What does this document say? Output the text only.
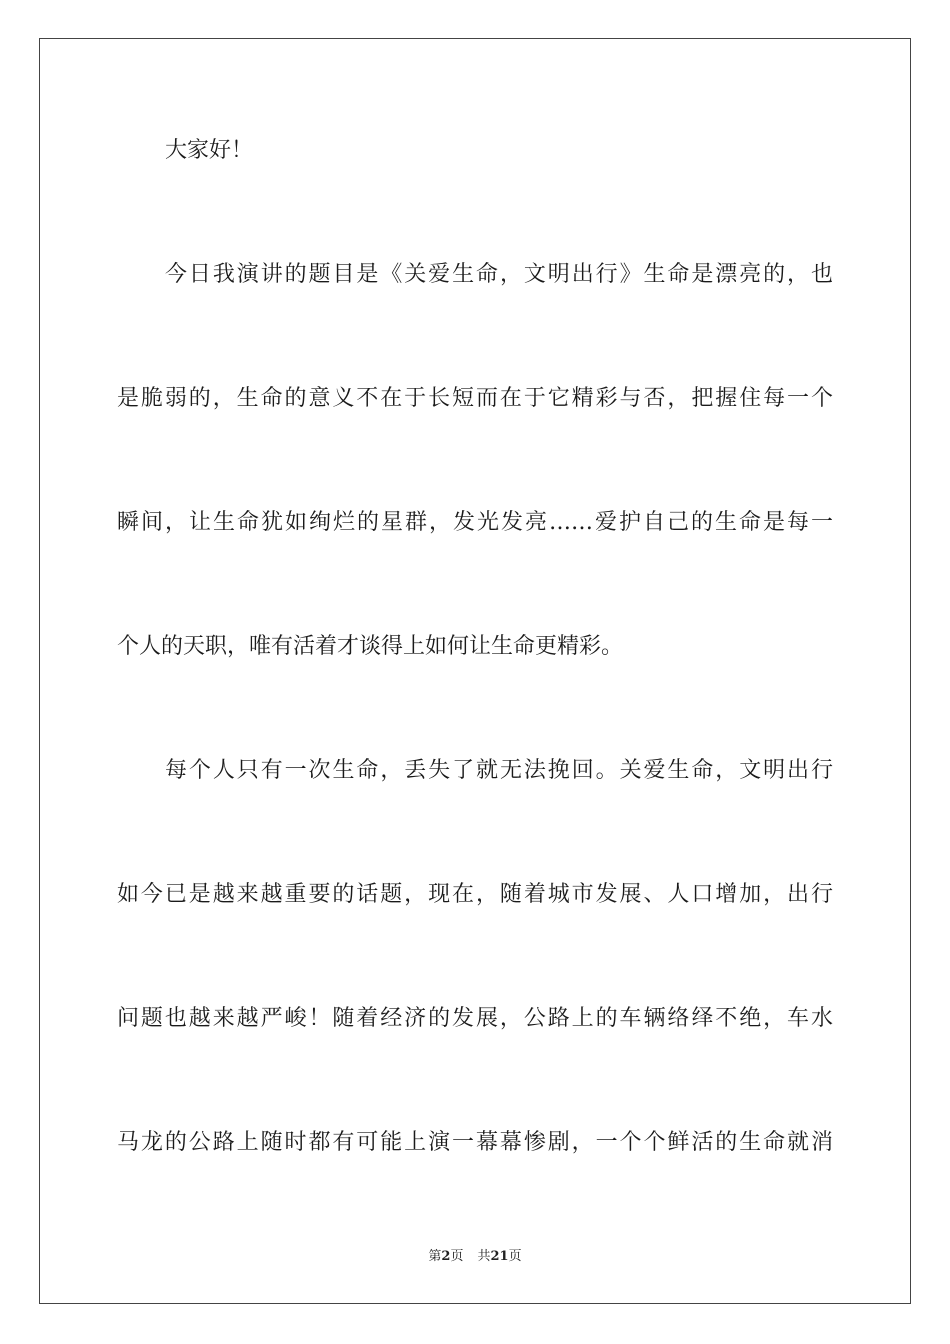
大家好！
今日我演讲的题目是《关爱生命，文明出行》生命是漂亮的，也
是脆弱的，生命的意义不在于长短而在于它精彩与否，把握住每一个
瞬间，让生命犹如绚烂的星群，发光发亮……爱护自己的生命是每一
个人的天职，唯有活着才谈得上如何让生命更精彩。
每个人只有一次生命，丢失了就无法挽回。关爱生命，文明出行
如今已是越来越重要的话题，现在，随着城市发展、人口增加，出行
问题也越来越严峻！随着经济的发展，公路上的车辆络绎不绝，车水
马龙的公路上随时都有可能上演一幕幕惨剧，一个个鲜活的生命就消
第2页 共21页
